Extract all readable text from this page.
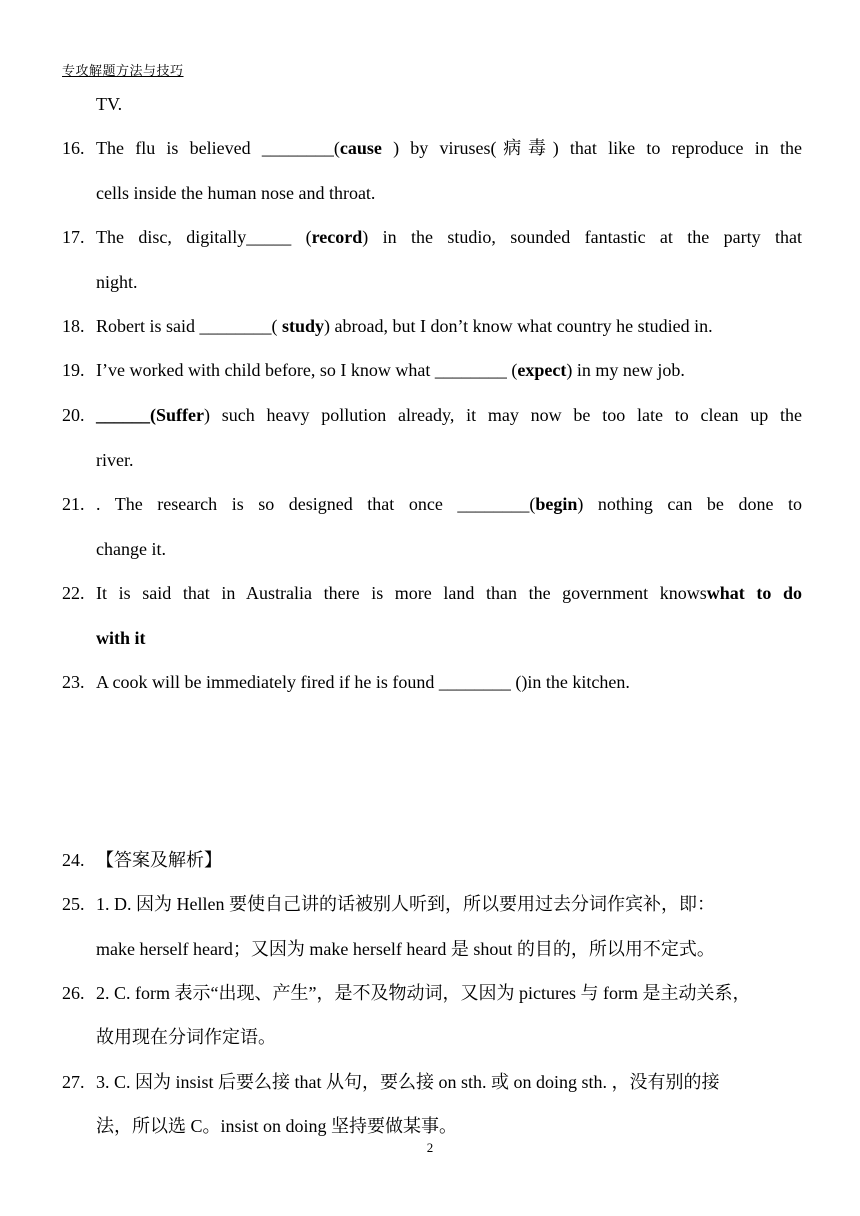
专攻解题方法与技巧
TV.
16. The flu is believed ________(cause ) by viruses(病毒) that like to reproduce in the
cells inside the human nose and throat.
17. The disc, digitally_____ (record) in the studio, sounded fantastic at the party that
night.
18. Robert is said ________( study) abroad, but I don’t know what country he studied in.
19. I’ve worked with child before, so I know what ________ (expect) in my new job.
20. ______(Suffer) such heavy pollution already, it may now be too late to clean up the
river.
21. . The research is so designed that once ________(begin) nothing can be done to
change it.
22. It is said that in Australia there is more land than the government knowswhat to do
with it
23. A cook will be immediately fired if he is found ________ ()in the kitchen.
24. 【答案及解析】
25. 1. D. 因为 Hellen 要使自己讲的话被别人听到，所以要用过去分词作宾补，即：
make herself heard；又因为 make herself heard 是 shout 的目的，所以用不定式。
26. 2. C. form 表示“出现、产生”，是不及物动词，又因为 pictures 与 form 是主动关系，
故用现在分词作定语。
27. 3. C. 因为 insist 后要么接 that 从句，要么接 on sth. 或 on doing sth. ，没有别的接
法，所以选 C。insist on doing 坚持要做某事。
2
